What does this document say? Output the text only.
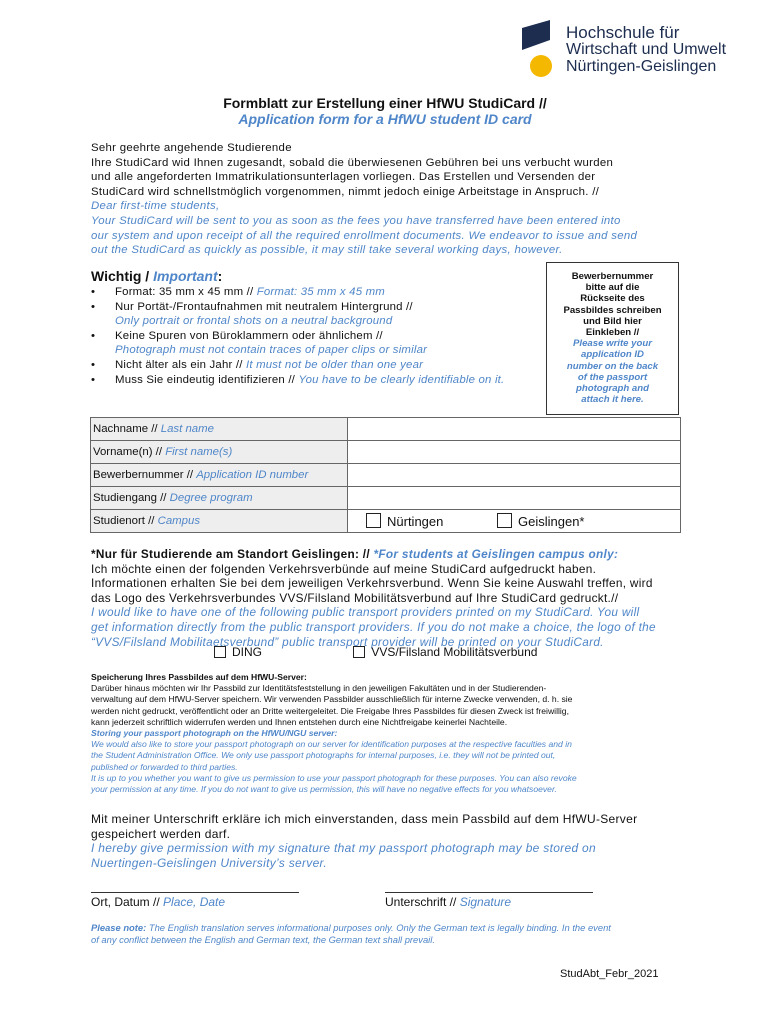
Hochschule für
Wirtschaft und Umwelt
Nürtingen-Geislingen
Formblatt zur Erstellung einer HfWU StudiCard //
Application form for a HfWU student ID card
Sehr geehrte angehende Studierende
Ihre StudiCard wid Ihnen zugesandt, sobald die überwiesenen Gebühren bei uns verbucht wurden
und alle angeforderten Immatrikulationsunterlagen vorliegen. Das Erstellen und Versenden der
StudiCard wird schnellstmöglich vorgenommen, nimmt jedoch einige Arbeitstage in Anspruch. //
Dear first-time students,
Your StudiCard will be sent to you as soon as the fees you have transferred have been entered into
our system and upon receipt of all the required enrollment documents. We endeavor to issue and send
out the StudiCard as quickly as possible, it may still take several working days, however.
Wichtig / Important:
• Format: 35 mm x 45 mm // Format: 35 mm x 45 mm
• Nur Portät-/Frontaufnahmen mit neutralem Hintergrund //
Only portrait or frontal shots on a neutral background
• Keine Spuren von Büroklammern oder ähnlichem //
Photograph must not contain traces of paper clips or similar
• Nicht älter als ein Jahr // It must not be older than one year
• Muss Sie eindeutig identifizieren // You have to be clearly identifiable on it.
Bewerbernummer
bitte auf die
Rückseite des
Passbildes schreiben
und Bild hier
Einkleben //
Please write your
application ID
number on the back
of the passport
photograph and
attach it here.
Nachname // Last name	
Vorname(n) // First name(s)	
Bewerbernummer // Application ID number	
Studiengang // Degree program	
Studienort // Campus	Nürtingen Geislingen*
*Nur für Studierende am Standort Geislingen: // *For students at Geislingen campus only:
Ich möchte einen der folgenden Verkehrsverbünde auf meine StudiCard aufgedruckt haben.
Informationen erhalten Sie bei dem jeweiligen Verkehrsverbund. Wenn Sie keine Auswahl treffen, wird
das Logo des Verkehrsverbundes VVS/Filsland Mobilitätsverbund auf Ihre StudiCard gedruckt.//
I would like to have one of the following public transport providers printed on my StudiCard. You will
get information directly from the public transport providers. If you do not make a choice, the logo of the
“VVS/Filsland Mobilitaetsverbund” public transport provider will be printed on your StudiCard.
DING	VVS/Filsland Mobilitätsverbund
Speicherung Ihres Passbildes auf dem HfWU-Server:
Darüber hinaus möchten wir Ihr Passbild zur Identitätsfeststellung in den jeweiligen Fakultäten und in der Studierenden-
verwaltung auf dem HfWU-Server speichern. Wir verwenden Passbilder ausschließlich für interne Zwecke verwenden, d. h. sie
werden nicht gedruckt, veröffentlicht oder an Dritte weitergeleitet. Die Freigabe Ihres Passbildes für diesen Zweck ist freiwillig,
kann jederzeit schriftlich widerrufen werden und Ihnen entstehen durch eine Nichtfreigabe keinerlei Nachteile.
Storing your passport photograph on the HfWU/NGU server:
We would also like to store your passport photograph on our server for identification purposes at the respective faculties and in
the Student Administration Office. We only use passport photographs for internal purposes, i.e. they will not be printed out,
published or forwarded to third parties.
It is up to you whether you want to give us permission to use your passport photograph for these purposes. You can also revoke
your permission at any time. If you do not want to give us permission, this will have no negative effects for you whatsoever.
Mit meiner Unterschrift erkläre ich mich einverstanden, dass mein Passbild auf dem HfWU-Server
gespeichert werden darf.
I hereby give permission with my signature that my passport photograph may be stored on
Nuertingen-Geislingen University’s server.
Ort, Datum // Place, Date	Unterschrift // Signature
Please note: The English translation serves informational purposes only. Only the German text is legally binding. In the event
of any conflict between the English and German text, the German text shall prevail.
StudAbt_Febr_2021
